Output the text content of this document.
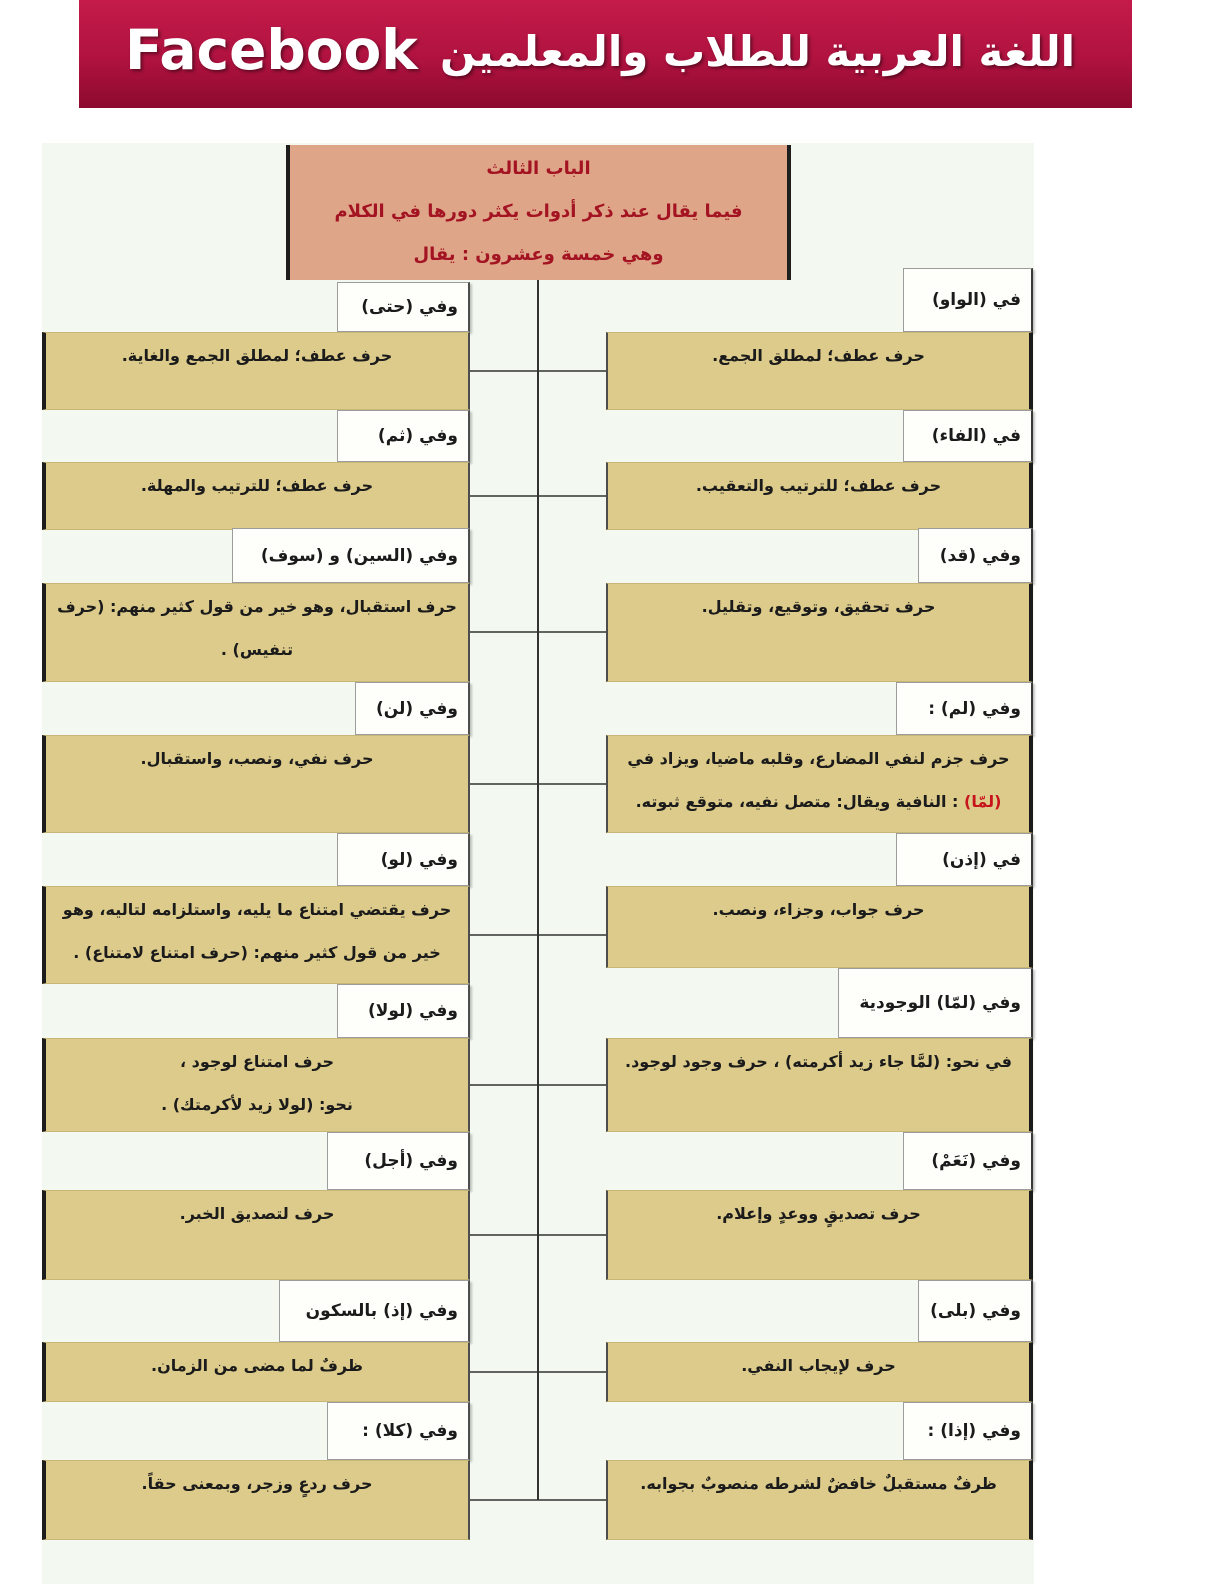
اللغة العربية للطلاب والمعلمين
Facebook
الباب الثالث
فيما يقال عند ذكر أدوات يكثر دورها في الكلام
وهي خمسة وعشرون : يقال
في (الواو)
حرف عطف؛ لمطلق الجمع.
في (الفاء)
حرف عطف؛ للترتيب والتعقيب.
وفي (قد)
حرف تحقيق، وتوقيع، وتقليل.
وفي (لم) :
حرف جزم لنفي المضارع، وقلبه ماضيا، ويزاد في (لمّا) : النافية ويقال: متصل نفيه، متوقع ثبوته.
في (إذن)
حرف جواب، وجزاء، ونصب.
وفي (لمّا) الوجودية
في نحو: (لمَّا جاء زيد أكرمته) ، حرف وجود لوجود.
وفي (نَعَمْ)
حرف تصديقٍ ووعدٍ وإعلام.
وفي (بلى)
حرف لإيجاب النفي.
وفي (إذا) :
ظرفٌ مستقبلٌ خافضٌ لشرطه منصوبٌ بجوابه.
وفي (حتى)
حرف عطف؛ لمطلق الجمع والغاية.
وفي (ثم)
حرف عطف؛ للترتيب والمهلة.
وفي (السين) و (سوف)
حرف استقبال، وهو خير من قول كثير منهم: (حرف تنفيس) .
وفي (لن)
حرف نفي، ونصب، واستقبال.
وفي (لو)
حرف يقتضي امتناع ما يليه، واستلزامه لتاليه، وهو خير من قول كثير منهم: (حرف امتناع لامتناع) .
وفي (لولا)
حرف امتناع لوجود ،
نحو: (لولا زيد لأكرمتك) .
وفي (أجل)
حرف لتصديق الخبر.
وفي (إذ) بالسكون
ظرفٌ لما مضى من الزمان.
وفي (كلا) :
حرف ردعٍ وزجر، وبمعنى حقاً.
